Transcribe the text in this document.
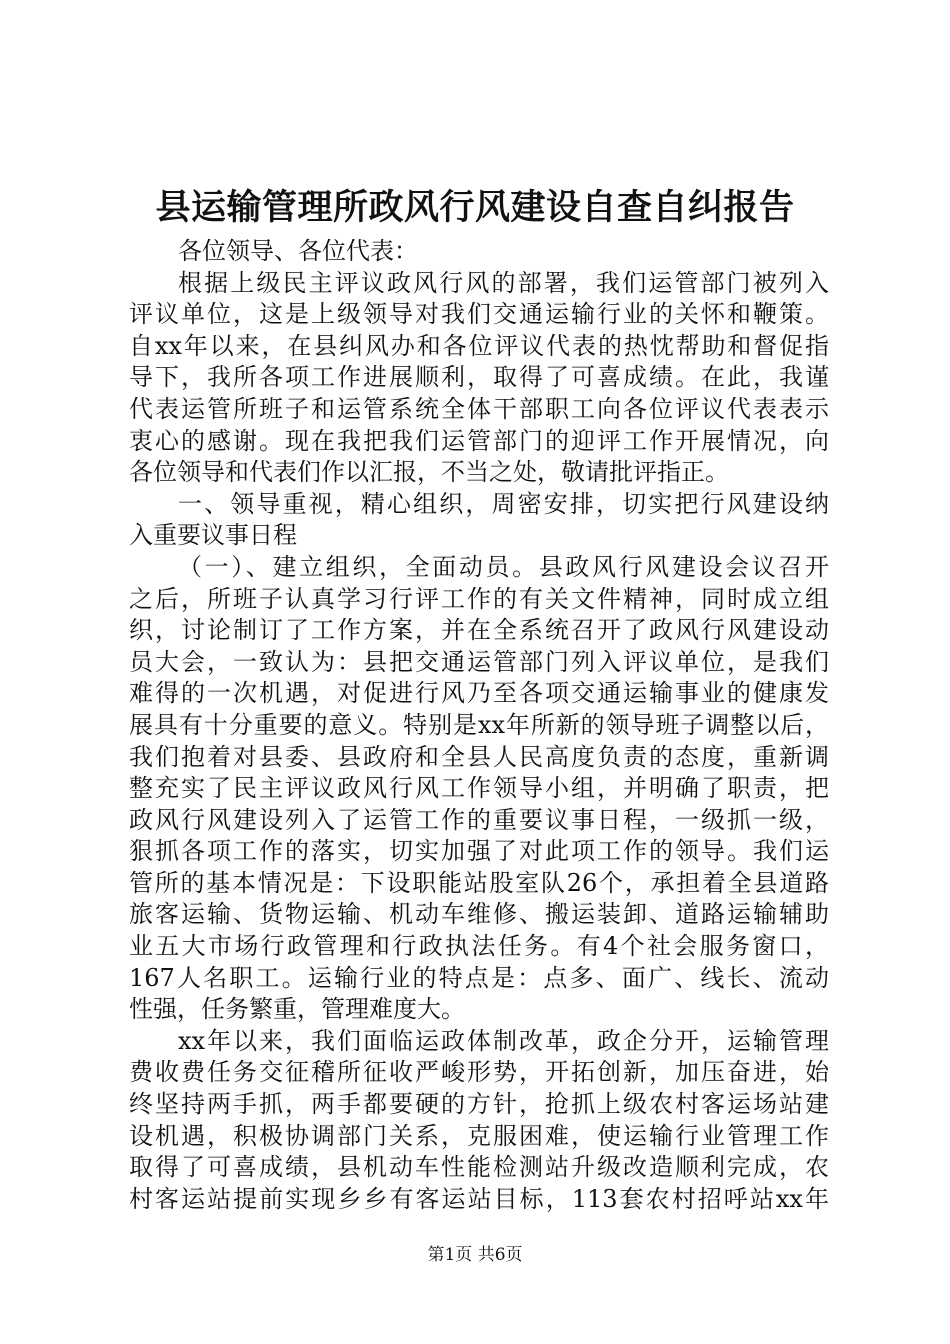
县运输管理所政风行风建设自查自纠报告
各位领导、各位代表：
根据上级民主评议政风行风的部署，我们运管部门被列入
评议单位，这是上级领导对我们交通运输行业的关怀和鞭策。
自xx年以来，在县纠风办和各位评议代表的热忱帮助和督促指
导下，我所各项工作进展顺利，取得了可喜成绩。在此，我谨
代表运管所班子和运管系统全体干部职工向各位评议代表表示
衷心的感谢。现在我把我们运管部门的迎评工作开展情况，向
各位领导和代表们作以汇报，不当之处，敬请批评指正。
一、领导重视，精心组织，周密安排，切实把行风建设纳
入重要议事日程
（一）、建立组织，全面动员。县政风行风建设会议召开
之后，所班子认真学习行评工作的有关文件精神，同时成立组
织，讨论制订了工作方案，并在全系统召开了政风行风建设动
员大会，一致认为：县把交通运管部门列入评议单位，是我们
难得的一次机遇，对促进行风乃至各项交通运输事业的健康发
展具有十分重要的意义。特别是xx年所新的领导班子调整以后，
我们抱着对县委、县政府和全县人民高度负责的态度，重新调
整充实了民主评议政风行风工作领导小组，并明确了职责，把
政风行风建设列入了运管工作的重要议事日程，一级抓一级，
狠抓各项工作的落实，切实加强了对此项工作的领导。我们运
管所的基本情况是：下设职能站股室队26个，承担着全县道路
旅客运输、货物运输、机动车维修、搬运装卸、道路运输辅助
业五大市场行政管理和行政执法任务。有4个社会服务窗口，
167人名职工。运输行业的特点是：点多、面广、线长、流动
性强，任务繁重，管理难度大。
xx年以来，我们面临运政体制改革，政企分开，运输管理
费收费任务交征稽所征收严峻形势，开拓创新，加压奋进，始
终坚持两手抓，两手都要硬的方针，抢抓上级农村客运场站建
设机遇，积极协调部门关系，克服困难，使运输行业管理工作
取得了可喜成绩，县机动车性能检测站升级改造顺利完成，农
村客运站提前实现乡乡有客运站目标，113套农村招呼站xx年
第1页 共6页
